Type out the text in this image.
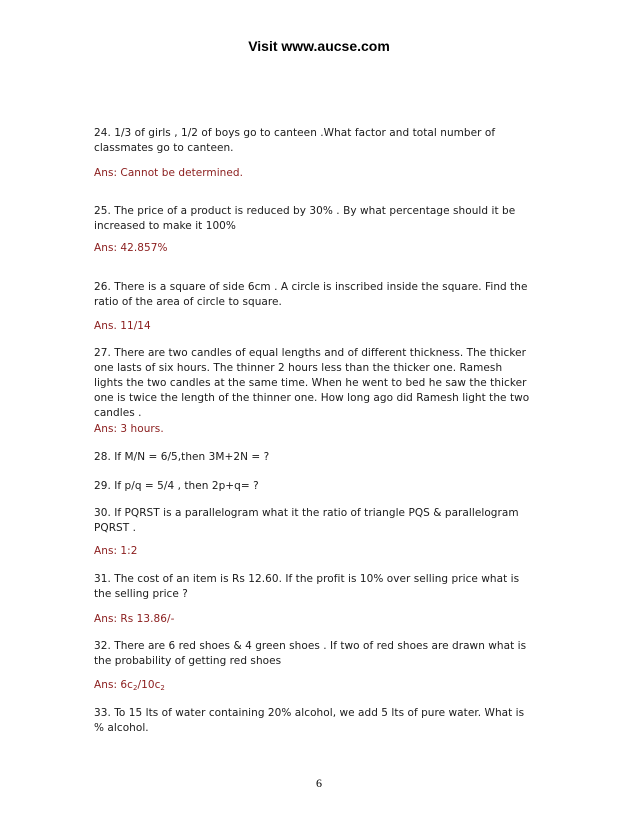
Visit www.aucse.com

24. 1/3 of girls , 1/2 of boys go to canteen .What factor and total number of classmates go to canteen.

Ans: Cannot be determined.

25. The price of a product is reduced by 30% . By what percentage should it be increased to make it 100%

Ans: 42.857%

26. There is a square of side 6cm . A circle is inscribed inside the square. Find the ratio of the area of circle to square.

Ans. 11/14

27. There are two candles of equal lengths and of different thickness. The thicker one lasts of six hours. The thinner 2 hours less than the thicker one. Ramesh lights the two candles at the same time. When he went to bed he saw the thicker one is twice the length of the thinner one. How long ago did Ramesh light the two candles .

Ans: 3 hours.

28. If M/N = 6/5,then 3M+2N = ?

29. If p/q = 5/4 , then 2p+q= ?

30. If PQRST is a parallelogram what it the ratio of triangle PQS & parallelogram PQRST .

Ans: 1:2

31. The cost of an item is Rs 12.60. If the profit is 10% over selling price what is the selling price ?

Ans: Rs 13.86/-

32. There are 6 red shoes & 4 green shoes . If two of red shoes are drawn what is the probability of getting red shoes

Ans: $6c_2/10c_2$

33. To 15 lts of water containing 20% alcohol, we add 5 lts of pure water. What is % alcohol.

6
